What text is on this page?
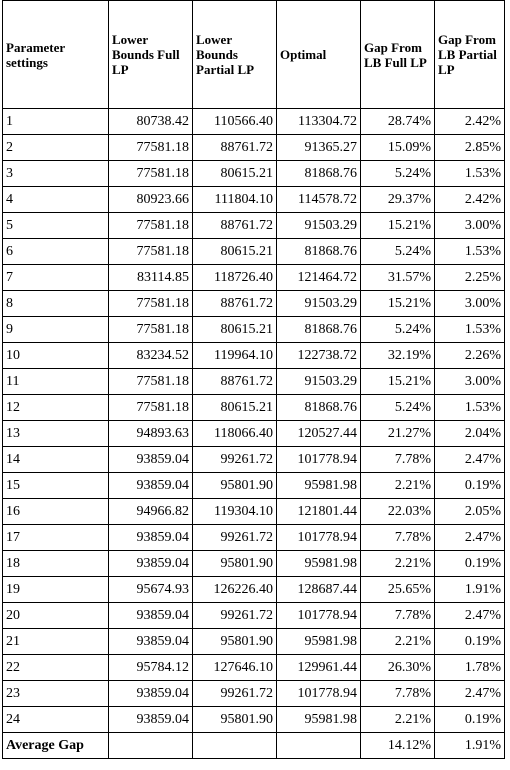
Parameter settings	Lower Bounds Full LP	Lower Bounds Partial LP	Optimal	Gap From LB Full LP	Gap From LB Partial LP
1	80738.42	110566.40	113304.72	28.74%	2.42%
2	77581.18	88761.72	91365.27	15.09%	2.85%
3	77581.18	80615.21	81868.76	5.24%	1.53%
4	80923.66	111804.10	114578.72	29.37%	2.42%
5	77581.18	88761.72	91503.29	15.21%	3.00%
6	77581.18	80615.21	81868.76	5.24%	1.53%
7	83114.85	118726.40	121464.72	31.57%	2.25%
8	77581.18	88761.72	91503.29	15.21%	3.00%
9	77581.18	80615.21	81868.76	5.24%	1.53%
10	83234.52	119964.10	122738.72	32.19%	2.26%
11	77581.18	88761.72	91503.29	15.21%	3.00%
12	77581.18	80615.21	81868.76	5.24%	1.53%
13	94893.63	118066.40	120527.44	21.27%	2.04%
14	93859.04	99261.72	101778.94	7.78%	2.47%
15	93859.04	95801.90	95981.98	2.21%	0.19%
16	94966.82	119304.10	121801.44	22.03%	2.05%
17	93859.04	99261.72	101778.94	7.78%	2.47%
18	93859.04	95801.90	95981.98	2.21%	0.19%
19	95674.93	126226.40	128687.44	25.65%	1.91%
20	93859.04	99261.72	101778.94	7.78%	2.47%
21	93859.04	95801.90	95981.98	2.21%	0.19%
22	95784.12	127646.10	129961.44	26.30%	1.78%
23	93859.04	99261.72	101778.94	7.78%	2.47%
24	93859.04	95801.90	95981.98	2.21%	0.19%
Average Gap				14.12%	1.91%
